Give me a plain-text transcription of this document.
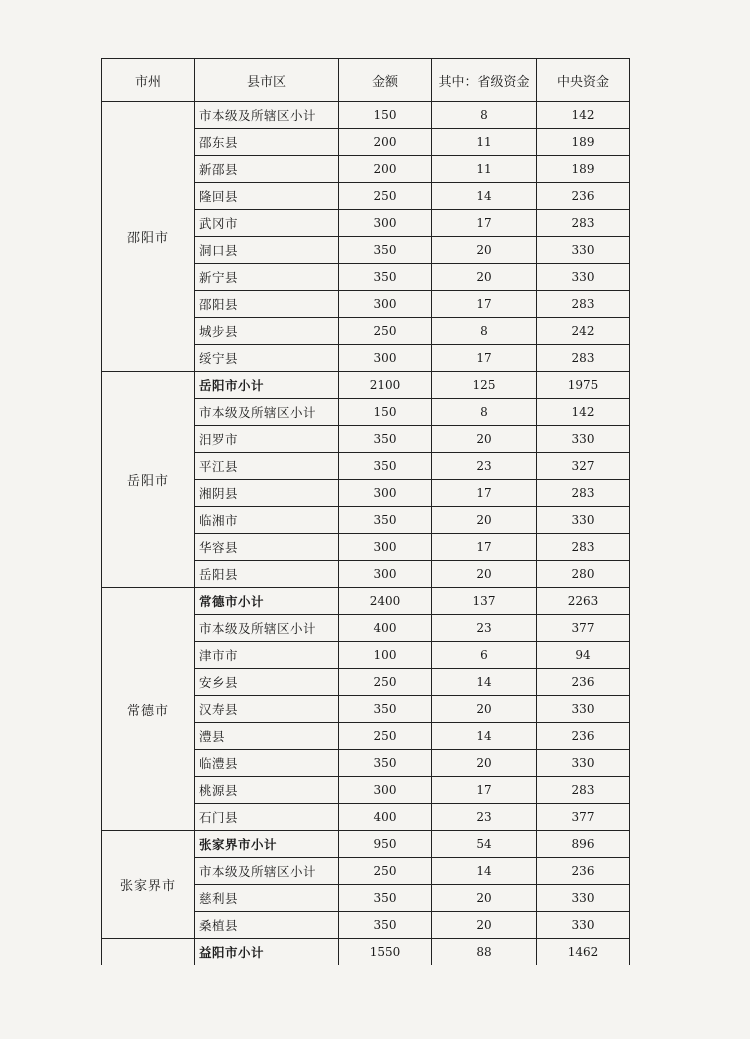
市州	县市区	金额	其中：省级资金	中央资金
邵阳市	市本级及所辖区小计	150	8	142
	邵东县	200	11	189
	新邵县	200	11	189
	隆回县	250	14	236
	武冈市	300	17	283
	洞口县	350	20	330
	新宁县	350	20	330
	邵阳县	300	17	283
	城步县	250	8	242
	绥宁县	300	17	283
岳阳市	岳阳市小计	2100	125	1975
	市本级及所辖区小计	150	8	142
	汨罗市	350	20	330
	平江县	350	23	327
	湘阴县	300	17	283
	临湘市	350	20	330
	华容县	300	17	283
	岳阳县	300	20	280
常德市	常德市小计	2400	137	2263
	市本级及所辖区小计	400	23	377
	津市市	100	6	94
	安乡县	250	14	236
	汉寿县	350	20	330
	澧县	250	14	236
	临澧县	350	20	330
	桃源县	300	17	283
	石门县	400	23	377
张家界市	张家界市小计	950	54	896
	市本级及所辖区小计	250	14	236
	慈利县	350	20	330
	桑植县	350	20	330
	益阳市小计	1550	88	1462
